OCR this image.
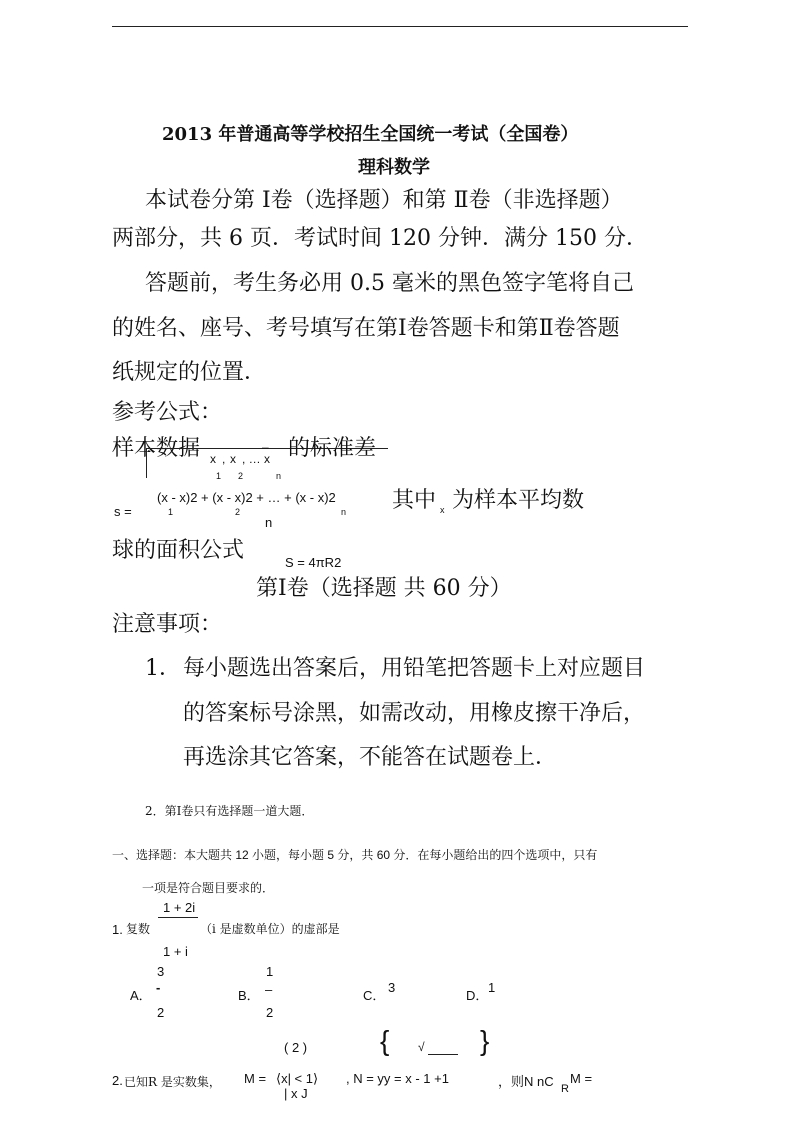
2013 年普通高等学校招生全国统一考试（全国卷）
理科数学
本试卷分第 Ⅰ卷（选择题）和第 Ⅱ卷（非选择题）
两部分，共 6 页．考试时间 120 分钟．满分 150 分．
答题前，考生务必用 0.5 毫米的黑色签字笔将自己
的姓名、座号、考号填写在第Ⅰ卷答题卡和第Ⅱ卷答题
纸规定的位置．
参考公式：
样本数据 x , x , … x
–
1 2	n
的标准差
s =
(x - x)2 + (x - x)2 + … + (x - x)2
1	2	n
n
其中 x 为样本平均数
球的面积公式	S = 4πR2
第Ⅰ卷（选择题 共 60 分）
注意事项：
1． 每小题选出答案后，用铅笔把答题卡上对应题目
的答案标号涂黑，如需改动，用橡皮擦干净后，
再选涂其它答案，不能答在试题卷上．
2．第Ⅰ卷只有选择题一道大题．
一、选择题：本大题共 12 小题，每小题 5 分，共 60 分．在每小题给出的四个选项中，只有
一项是符合题目要求的．
1. 复数
1 + 2i
1 + i
（i 是虚数单位）的虚部是
A．
3
-
2
B．
1
–
2
C．
3
D．
1
2. 已知R 是实数集， M =
( 2 )
⟨x| < 1⟩
| x J
{	}
√
, N = yy = x - 1 +1	，则N nC R
M =
